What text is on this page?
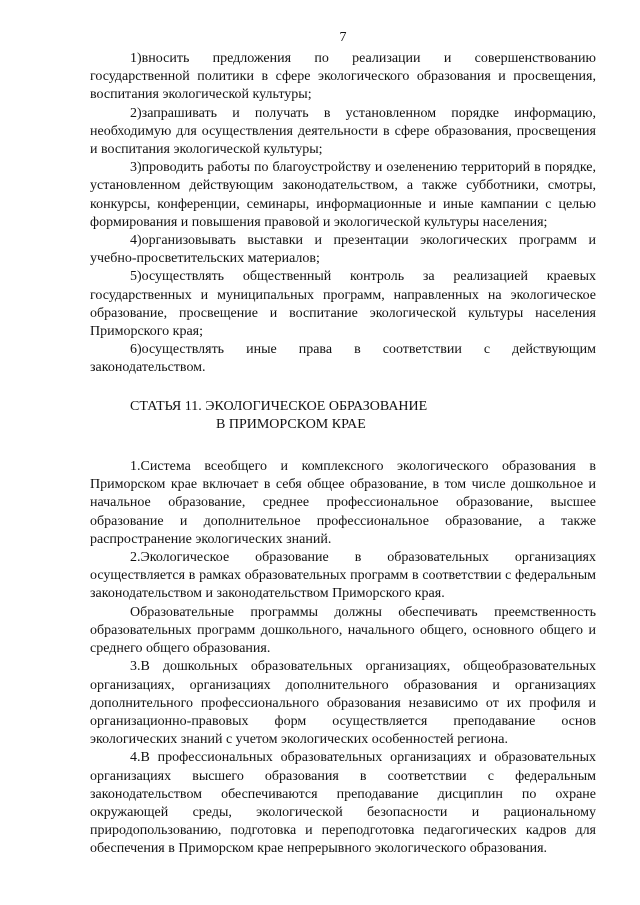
7

1)вносить предложения по реализации и совершенствованию государственной политики в сфере экологического образования и просвещения, воспитания экологической культуры;

2)запрашивать и получать в установленном порядке информацию, необходимую для осуществления деятельности в сфере образования, просвещения и воспитания экологической культуры;

3)проводить работы по благоустройству и озеленению территорий в порядке, установленном действующим законодательством, а также субботники, смотры, конкурсы, конференции, семинары, информационные и иные кампании с целью формирования и повышения правовой и экологической культуры населения;

4)организовывать выставки и презентации экологических программ и учебно-просветительских материалов;

5)осуществлять общественный контроль за реализацией краевых государственных и муниципальных программ, направленных на экологическое образование, просвещение и воспитание экологической культуры населения Приморского края;

6)осуществлять иные права в соответствии с действующим законодательством.

СТАТЬЯ 11. ЭКОЛОГИЧЕСКОЕ ОБРАЗОВАНИЕ
В ПРИМОРСКОМ КРАЕ

1.Система всеобщего и комплексного экологического образования в Приморском крае включает в себя общее образование, в том числе дошкольное и начальное образование, среднее профессиональное образование, высшее образование и дополнительное профессиональное образование, а также распространение экологических знаний.

2.Экологическое образование в образовательных организациях осуществляется в рамках образовательных программ в соответствии с федеральным законодательством и законодательством Приморского края.

Образовательные программы должны обеспечивать преемственность образовательных программ дошкольного, начального общего, основного общего и среднего общего образования.

3.В дошкольных образовательных организациях, общеобразовательных организациях, организациях дополнительного образования и организациях дополнительного профессионального образования независимо от их профиля и организационно-правовых форм осуществляется преподавание основ экологических знаний с учетом экологических особенностей региона.

4.В профессиональных образовательных организациях и образовательных организациях высшего образования в соответствии с федеральным законодательством обеспечиваются преподавание дисциплин по охране окружающей среды, экологической безопасности и рациональному природопользованию, подготовка и переподготовка педагогических кадров для обеспечения в Приморском крае непрерывного экологического образования.
